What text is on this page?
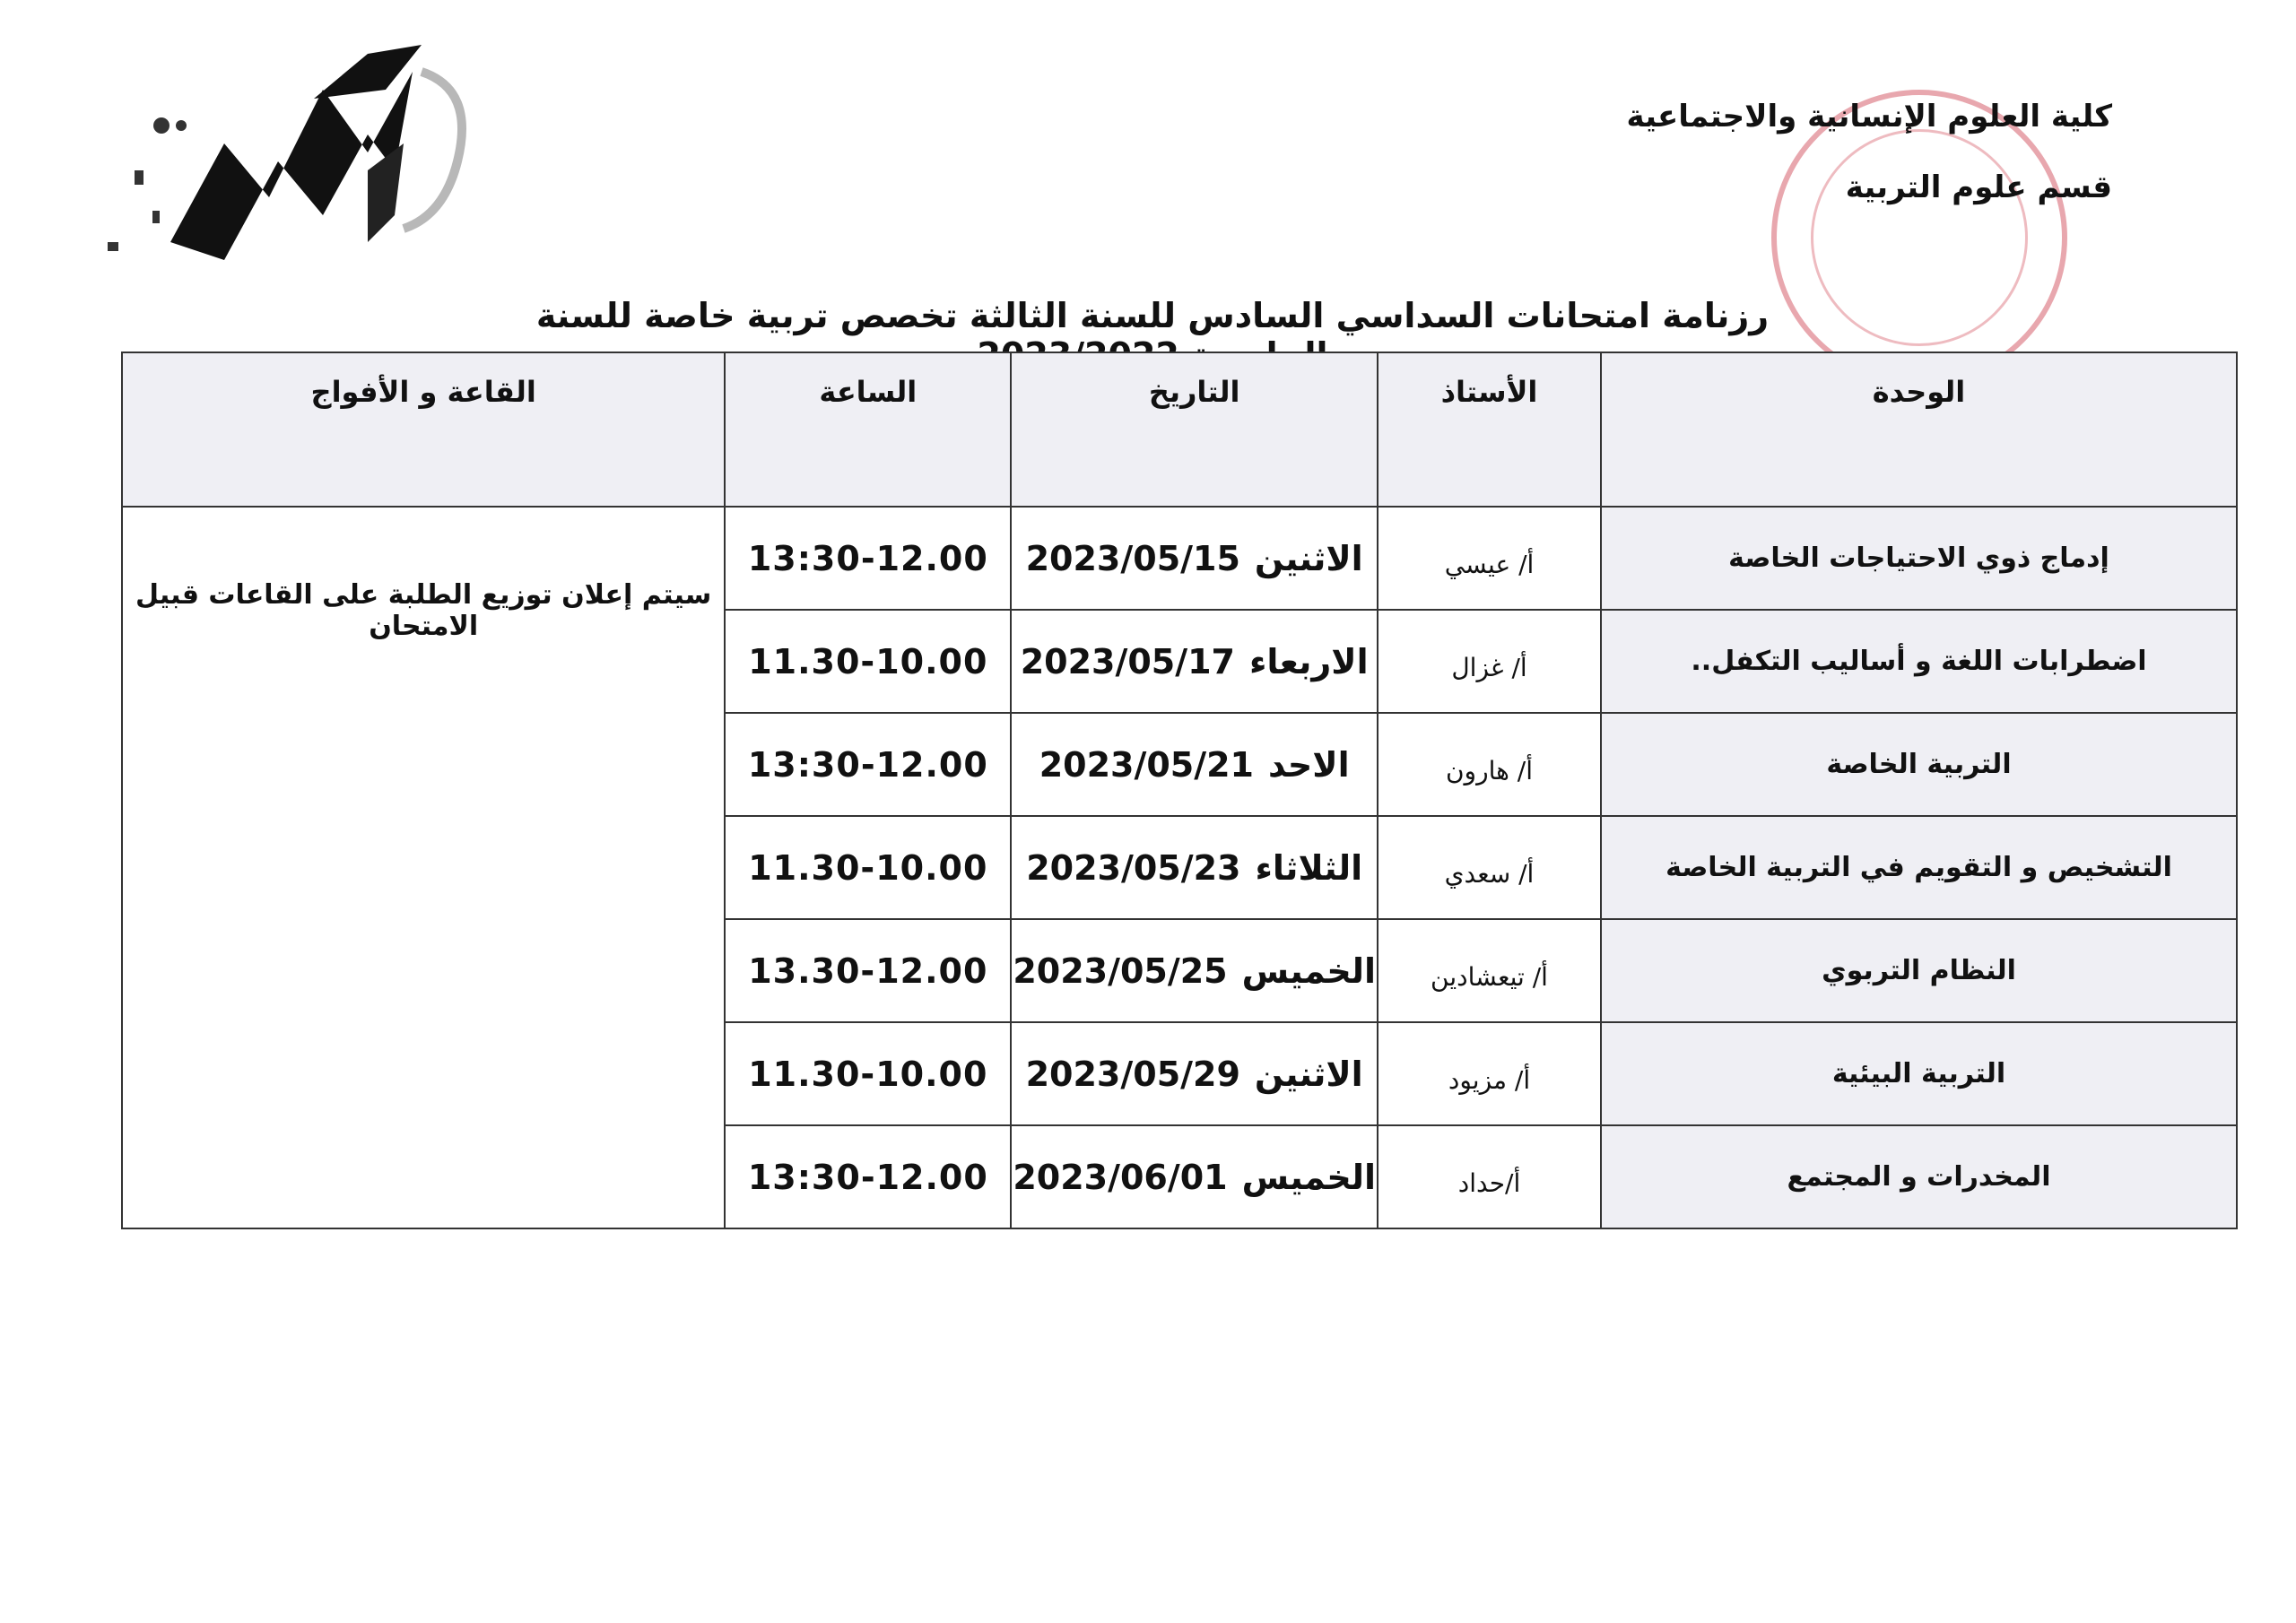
كلية العلوم الإنسانية والاجتماعية
قسم علوم التربية
رزنامة امتحانات السداسي السادس للسنة الثالثة تخصص تربية خاصة للسنة
الوحدة	الأستاذ	التاريخ	الساعة	القاعة و الأفواج
إدماج ذوي الاحتياجات الخاصة	أ/ عيسي	الاثنين2023/05/15	13:30-12.00	سيتم إعلان توزيع الطلبة على القاعات قبيل الامتحان
اضطرابات اللغة و أساليب التكفل..	أ/ غزال	الاربعاء2023/05/17	11.30-10.00	
التربية الخاصة	أ/ هارون	الاحد2023/05/21	13:30-12.00	
التشخيص و التقويم في التربية الخاصة	أ/ سعدي	الثلاثاء2023/05/23	11.30-10.00	
النظام التربوي	أ/ تيعشادين	الخميس2023/05/25	13.30-12.00	
التربية البيئية	أ/ مزيود	الاثنين2023/05/29	11.30-10.00	
المخدرات و المجتمع	أ/حداد	الخميس2023/06/01	13:30-12.00	
